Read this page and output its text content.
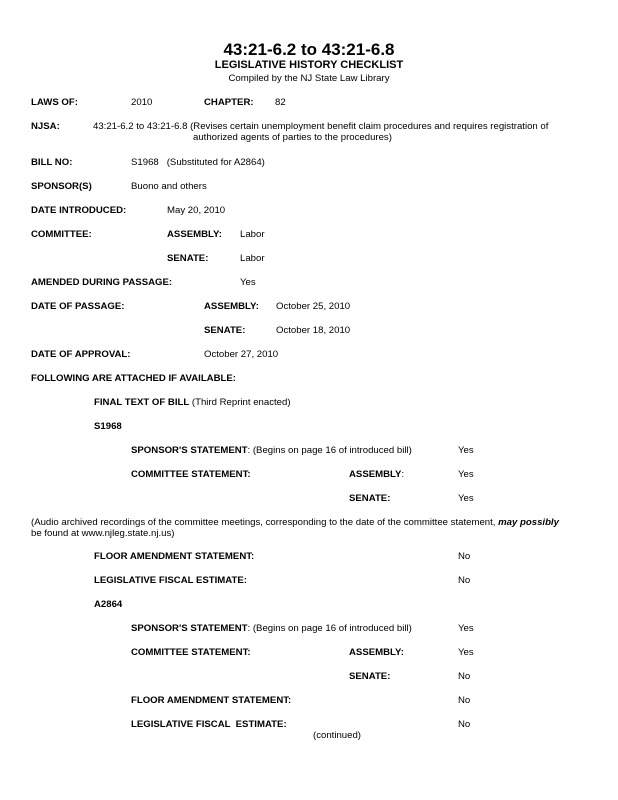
43:21-6.2 to 43:21-6.8
LEGISLATIVE HISTORY CHECKLIST
Compiled by the NJ State Law Library
LAWS OF:	2010	CHAPTER: 82
NJSA:	43:21-6.2 to 43:21-6.8 (Revises certain unemployment benefit claim procedures and requires registration of
authorized agents of parties to the procedures)
BILL NO:	S1968   (Substituted for A2864)
SPONSOR(S)	Buono and others
DATE INTRODUCED:	May 20, 2010
COMMITTEE:	ASSEMBLY: Labor
SENATE:	Labor
AMENDED DURING PASSAGE:	Yes
DATE OF PASSAGE:	ASSEMBLY: October 25, 2010
SENATE:	October 18, 2010
DATE OF APPROVAL:	October 27, 2010
FOLLOWING ARE ATTACHED IF AVAILABLE:
FINAL TEXT OF BILL (Third Reprint enacted)
S1968
SPONSOR'S STATEMENT: (Begins on page 16 of introduced bill)	Yes
COMMITTEE STATEMENT:	ASSEMBLY:	Yes
SENATE:	Yes
(Audio archived recordings of the committee meetings, corresponding to the date of the committee statement, may possibly
be found at www.njleg.state.nj.us)
FLOOR AMENDMENT STATEMENT:	No
LEGISLATIVE FISCAL ESTIMATE:	No
A2864
SPONSOR'S STATEMENT: (Begins on page 16 of introduced bill)	Yes
COMMITTEE STATEMENT:	ASSEMBLY:	Yes
SENATE:	No
FLOOR AMENDMENT STATEMENT:	No
LEGISLATIVE FISCAL  ESTIMATE:	No
(continued)
